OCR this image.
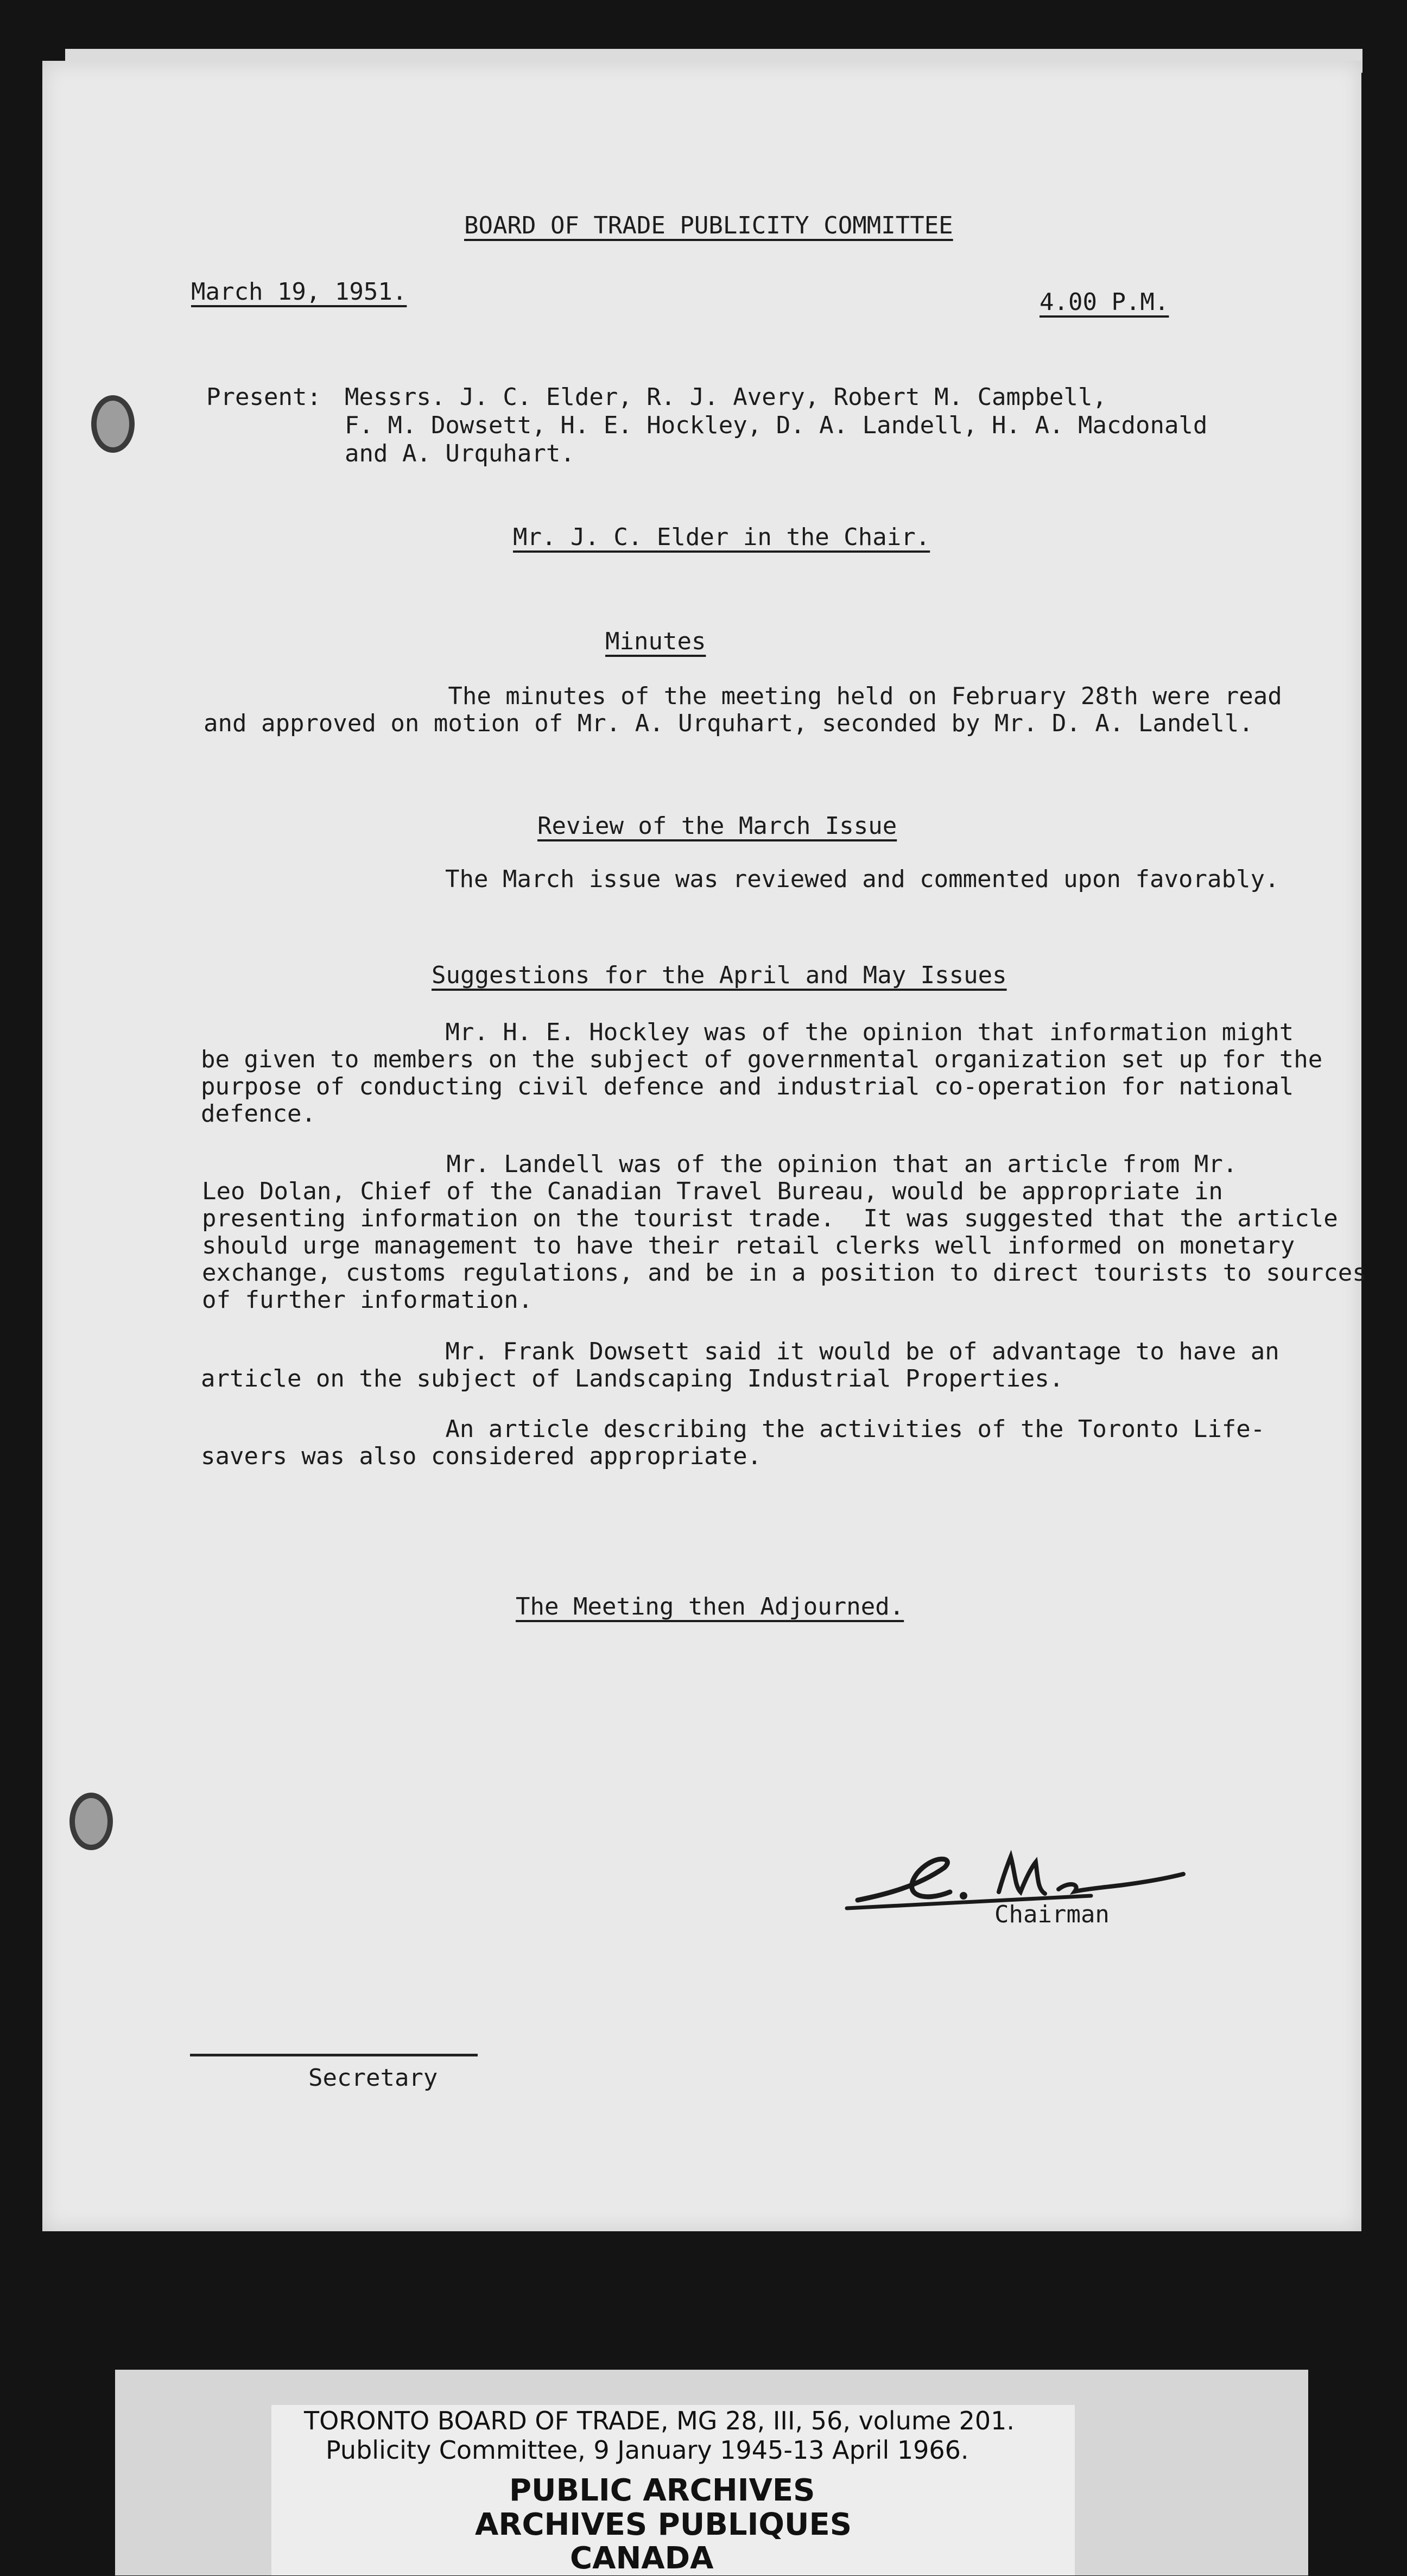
BOARD OF TRADE PUBLICITY COMMITTEE
March 19, 1951.	4.00 P.M.
Present: Messrs. J. C. Elder, R. J. Avery, Robert M. Campbell,
F. M. Dowsett, H. E. Hockley, D. A. Landell, H. A. Macdonald
and A. Urquhart.
Mr. J. C. Elder in the Chair.
Minutes
The minutes of the meeting held on February 28th were read
and approved on motion of Mr. A. Urquhart, seconded by Mr. D. A. Landell.
Review of the March Issue
The March issue was reviewed and commented upon favorably.
Suggestions for the April and May Issues
Mr. H. E. Hockley was of the opinion that information might
be given to members on the subject of governmental organization set up for the
purpose of conducting civil defence and industrial co-operation for national
defence.
Mr. Landell was of the opinion that an article from Mr.
Leo Dolan, Chief of the Canadian Travel Bureau, would be appropriate in
presenting information on the tourist trade.  It was suggested that the article
should urge management to have their retail clerks well informed on monetary
exchange, customs regulations, and be in a position to direct tourists to sources
of further information.
Mr. Frank Dowsett said it would be of advantage to have an
article on the subject of Landscaping Industrial Properties.
An article describing the activities of the Toronto Life-
savers was also considered appropriate.
The Meeting then Adjourned.
Chairman
Secretary
TORONTO BOARD OF TRADE, MG 28, III, 56, volume 201.
Publicity Committee, 9 January 1945-13 April 1966.
PUBLIC ARCHIVES
ARCHIVES PUBLIQUES
CANADA
